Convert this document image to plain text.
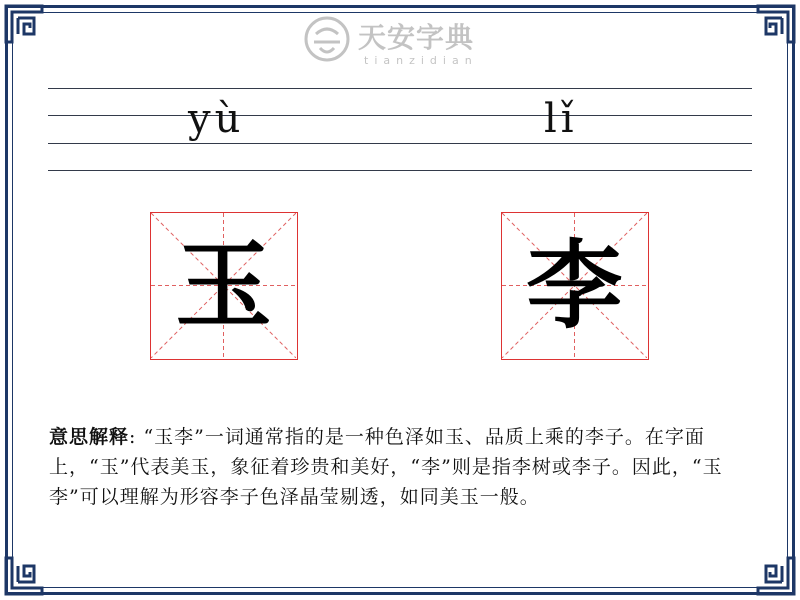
天安字典
tianzidian
yù	lǐ
玉	李
意思解释: “玉李”一词通常指的是一种色泽如玉、品质上乘的李子。在字面上，“玉”代表美玉，象征着珍贵和美好，“李”则是指李树或李子。因此，“玉李”可以理解为形容李子色泽晶莹剔透，如同美玉一般。
